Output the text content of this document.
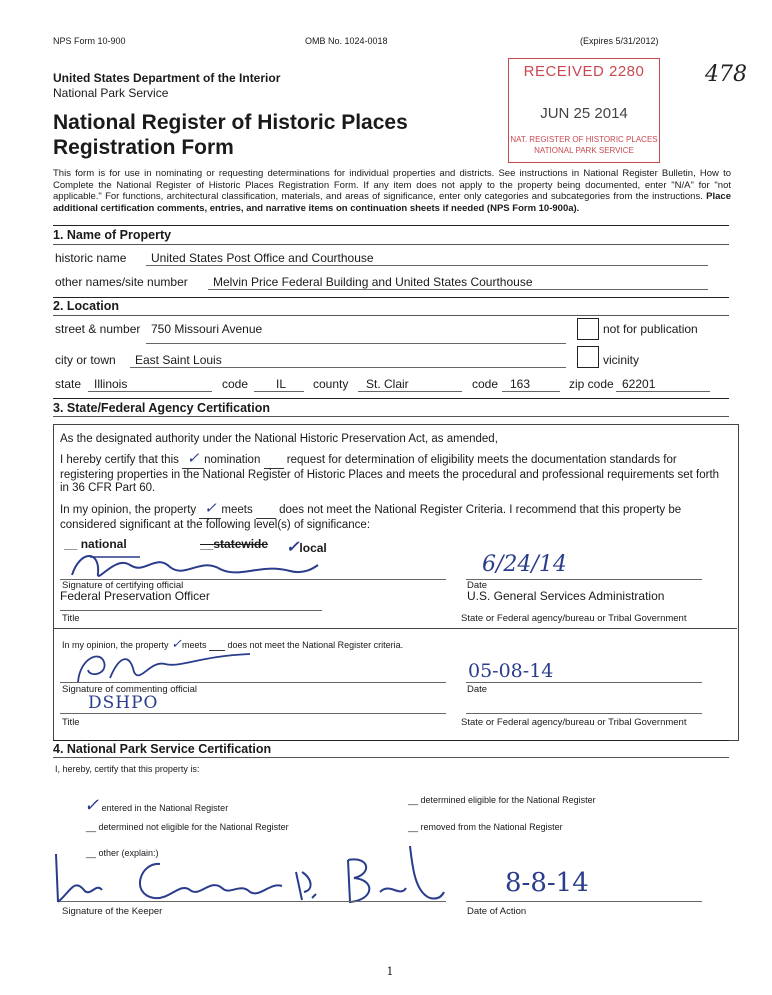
NPS Form 10-900	OMB No. 1024-0018	(Expires 5/31/2012)
United States Department of the Interior
National Park Service
National Register of Historic Places
Registration Form
RECEIVED 2280
JUN 25 2014
NAT. REGISTER OF HISTORIC PLACES
NATIONAL PARK SERVICE
478
This form is for use in nominating or requesting determinations for individual properties and districts. See instructions in National Register Bulletin, How to Complete the National Register of Historic Places Registration Form. If any item does not apply to the property being documented, enter "N/A" for "not applicable." For functions, architectural classification, materials, and areas of significance, enter only categories and subcategories from the instructions. Place additional certification comments, entries, and narrative items on continuation sheets if needed (NPS Form 10-900a).
1. Name of Property
historic name United States Post Office and Courthouse
other names/site number Melvin Price Federal Building and United States Courthouse
2. Location
street & number 750 Missouri Avenue	not for publication
city or town East Saint Louis	vicinity
state Illinois	code IL county St. Clair	code 163	zip code 62201
3. State/Federal Agency Certification
As the designated authority under the National Historic Preservation Act, as amended,
I hereby certify that this ✓ nomination request for determination of eligibility meets the documentation standards for registering properties in the National Register of Historic Places and meets the procedural and professional requirements set forth in 36 CFR Part 60.
In my opinion, the property ✓ meets does not meet the National Register Criteria. I recommend that this property be considered significant at the following level(s) of significance:
__ national	__statewide ✓local
6/24/14
Signature of certifying official	Date
Federal Preservation Officer	U.S. General Services Administration
Title	State or Federal agency/bureau or Tribal Government
In my opinion, the property ✓meets does not meet the National Register criteria.
05-08-14
Signature of commenting official	Date
DSHPO
Title	State or Federal agency/bureau or Tribal Government
4. National Park Service Certification
I, hereby, certify that this property is:
✓ entered in the National Register
__ determined eligible for the National Register
__ determined not eligible for the National Register	__ removed from the National Register
__ other (explain:)
8-8-14
Signature of the Keeper	Date of Action
1
